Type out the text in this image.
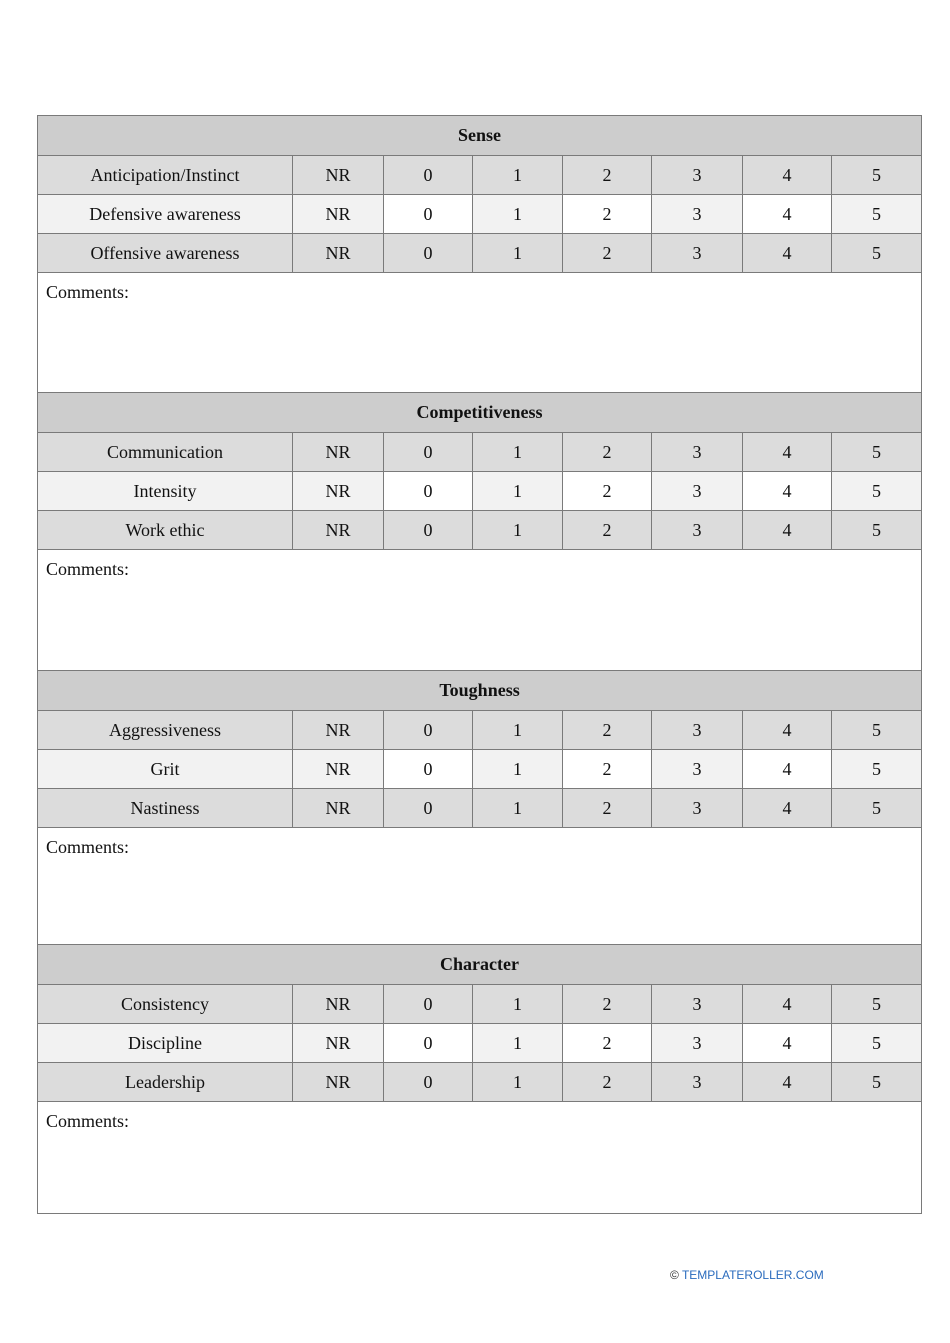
Sense							
Anticipation/Instinct	NR	0	1	2	3	4	5
Defensive awareness	NR	0	1	2	3	4	5
Offensive awareness	NR	0	1	2	3	4	5

Comments:							

Competitiveness							
Communication	NR	0	1	2	3	4	5
Intensity	NR	0	1	2	3	4	5
Work ethic	NR	0	1	2	3	4	5

Comments:							

Toughness							
Aggressiveness	NR	0	1	2	3	4	5
Grit	NR	0	1	2	3	4	5
Nastiness	NR	0	1	2	3	4	5

Comments:							

Character							
Consistency	NR	0	1	2	3	4	5
Discipline	NR	0	1	2	3	4	5
Leadership	NR	0	1	2	3	4	5

Comments:							
© TEMPLATEROLLER.COM
